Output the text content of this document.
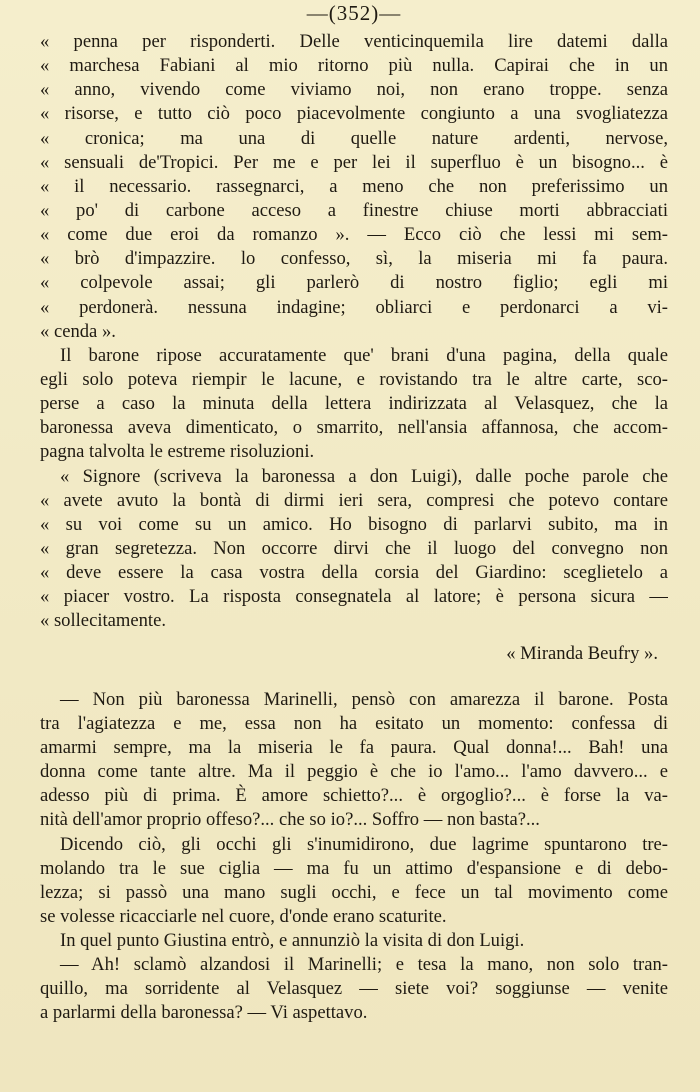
—(352)—
« penna per risponderti. Delle venticinquemila lire datemi dalla
« marchesa Fabiani al mio ritorno più nulla. Capirai che in un
« anno, vivendo come viviamo noi, non erano troppe. senza
« risorse, e tutto ciò poco piacevolmente congiunto a una svogliatezza
« cronica; ma una di quelle nature ardenti, nervose,
« sensuali de'Tropici. Per me e per lei il superfluo è un bisogno... è
« il necessario. rassegnarci, a meno che non preferissimo un
« po' di carbone acceso a finestre chiuse morti abbracciati
« come due eroi da romanzo ». — Ecco ciò che lessi mi sem-
« brò d'impazzire. lo confesso, sì, la miseria mi fa paura.
« colpevole assai; gli parlerò di nostro figlio; egli mi
« perdonerà. nessuna indagine; obliarci e perdonarci a vi-
« cenda ».
Il barone ripose accuratamente que' brani d'una pagina, della quale
egli solo poteva riempir le lacune, e rovistando tra le altre carte, sco-
perse a caso la minuta della lettera indirizzata al Velasquez, che la
baronessa aveva dimenticato, o smarrito, nell'ansia affannosa, che accom-
pagna talvolta le estreme risoluzioni.
« Signore (scriveva la baronessa a don Luigi), dalle poche parole che
« avete avuto la bontà di dirmi ieri sera, compresi che potevo contare
« su voi come su un amico. Ho bisogno di parlarvi subito, ma in
« gran segretezza. Non occorre dirvi che il luogo del convegno non
« deve essere la casa vostra della corsia del Giardino: sceglietelo a
« piacer vostro. La risposta consegnatela al latore; è persona sicura —
« sollecitamente.
« Miranda Beufry ».
— Non più baronessa Marinelli, pensò con amarezza il barone. Posta
tra l'agiatezza e me, essa non ha esitato un momento: confessa di
amarmi sempre, ma la miseria le fa paura. Qual donna!... Bah! una
donna come tante altre. Ma il peggio è che io l'amo... l'amo davvero... e
adesso più di prima. È amore schietto?... è orgoglio?... è forse la va-
nità dell'amor proprio offeso?... che so io?... Soffro — non basta?...
Dicendo ciò, gli occhi gli s'inumidirono, due lagrime spuntarono tre-
molando tra le sue ciglia — ma fu un attimo d'espansione e di debo-
lezza; si passò una mano sugli occhi, e fece un tal movimento come
se volesse ricacciarle nel cuore, d'onde erano scaturite.
In quel punto Giustina entrò, e annunziò la visita di don Luigi.
— Ah! sclamò alzandosi il Marinelli; e tesa la mano, non solo tran-
quillo, ma sorridente al Velasquez — siete voi? soggiunse — venite
a parlarmi della baronessa? — Vi aspettavo.
